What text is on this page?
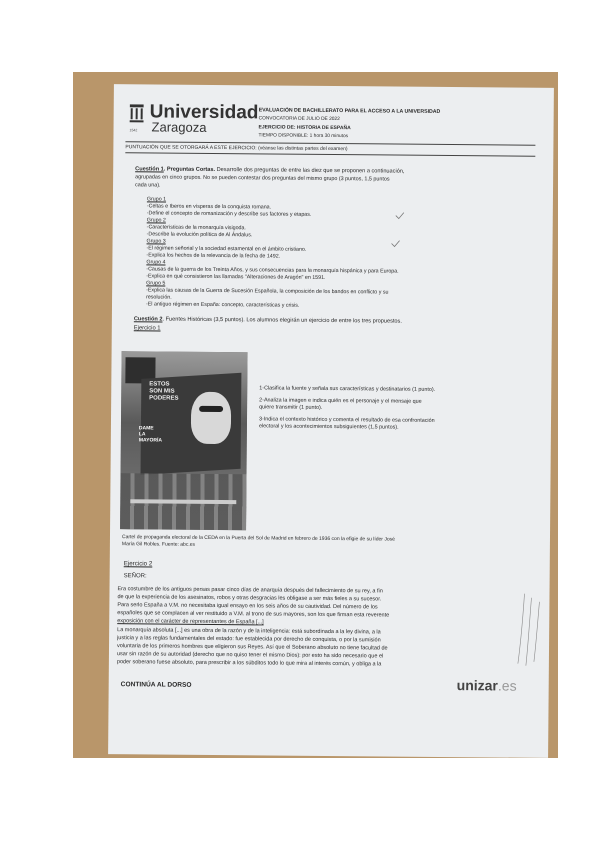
1542
Universidad
Zaragoza
EVALUACIÓN DE BACHILLERATO PARA EL ACCESO A LA UNIVERSIDAD
CONVOCATORIA DE JULIO DE 2022
EJERCICIO DE: HISTORIA DE ESPAÑA
TIEMPO DISPONIBLE: 1 hora 30 minutos
PUNTUACIÓN QUE SE OTORGARÁ A ESTE EJERCICIO: (véanse las distintas partes del examen)
Cuestión 1. Preguntas Cortas. Desarrolle dos preguntas de entre las diez que se proponen a continuación,
agrupadas en cinco grupos. No se pueden contestar dos preguntas del mismo grupo (3 puntos, 1,5 puntos
cada una).
Grupo 1
-Celtas e Iberos en vísperas de la conquista romana.
-Define el concepto de romanización y describe sus factores y etapas.
Grupo 2
-Características de la monarquía visigoda.
-Describe la evolución política de Al Ándalus.
Grupo 3
-El régimen señorial y la sociedad estamental en el ámbito cristiano.
-Explica los hechos de la relevancia de la fecha de 1492.
Grupo 4
-Causas de la guerra de los Treinta Años, y sus consecuencias para la monarquía hispánica y para Europa.
-Explica en qué consistieron las llamadas "Alteraciones de Aragón" en 1591.
Grupo 5
-Explica las causas de la Guerra de Sucesión Española, la composición de los bandos en conflicto y su
resolución.
-El antiguo régimen en España: concepto, características y crisis.
Cuestión 2. Fuentes Históricas (3,5 puntos). Los alumnos elegirán un ejercicio de entre los tres propuestos.
Ejercicio 1
ESTOS
SON MIS
PODERES
DAME
LA
MAYORÍA
1-Clasifica la fuente y señala sus características y destinatarios (1 punto).
2-Analiza la imagen e indica quién es el personaje y el mensaje que
quiere transmitir (1 punto).
3-Indica el contexto histórico y comenta el resultado de esa confrontación
electoral y los acontecimientos subsiguientes (1,5 puntos).
Cartel de propaganda electoral de la CEDA en la Puerta del Sol de Madrid en febrero de 1936 con la efigie de su líder José
María Gil Robles. Fuente: abc.es
Ejercicio 2
SEÑOR:
Era costumbre de los antiguos persas pasar cinco días de anarquía después del fallecimiento de su rey, a fin
de que la experiencia de los asesinatos, robos y otras desgracias les obligase a ser más fieles a su sucesor.
Para serlo España a V.M. no necesitaba igual ensayo en los seis años de su cautividad. Del número de los
españoles que se complacen al ver restituido a V.M. al trono de sus mayores, son los que firman esta reverente
exposición con el carácter de representantes de España [...]
La monarquía absoluta [...] es una obra de la razón y de la inteligencia: está subordinada a la ley divina, a la
justicia y a las reglas fundamentales del estado: fue establecida por derecho de conquista, o por la sumisión
voluntaria de los primeros hombres que eligieron sus Reyes. Así que el Soberano absoluto no tiene facultad de
usar sin razón de su autoridad (derecho que no quiso tener el mismo Dios): por esto ha sido necesario que el
poder soberano fuese absoluto, para prescribir a los súbditos todo lo que mira al interés común, y obliga a la
CONTINÚA AL DORSO	unizar.es
